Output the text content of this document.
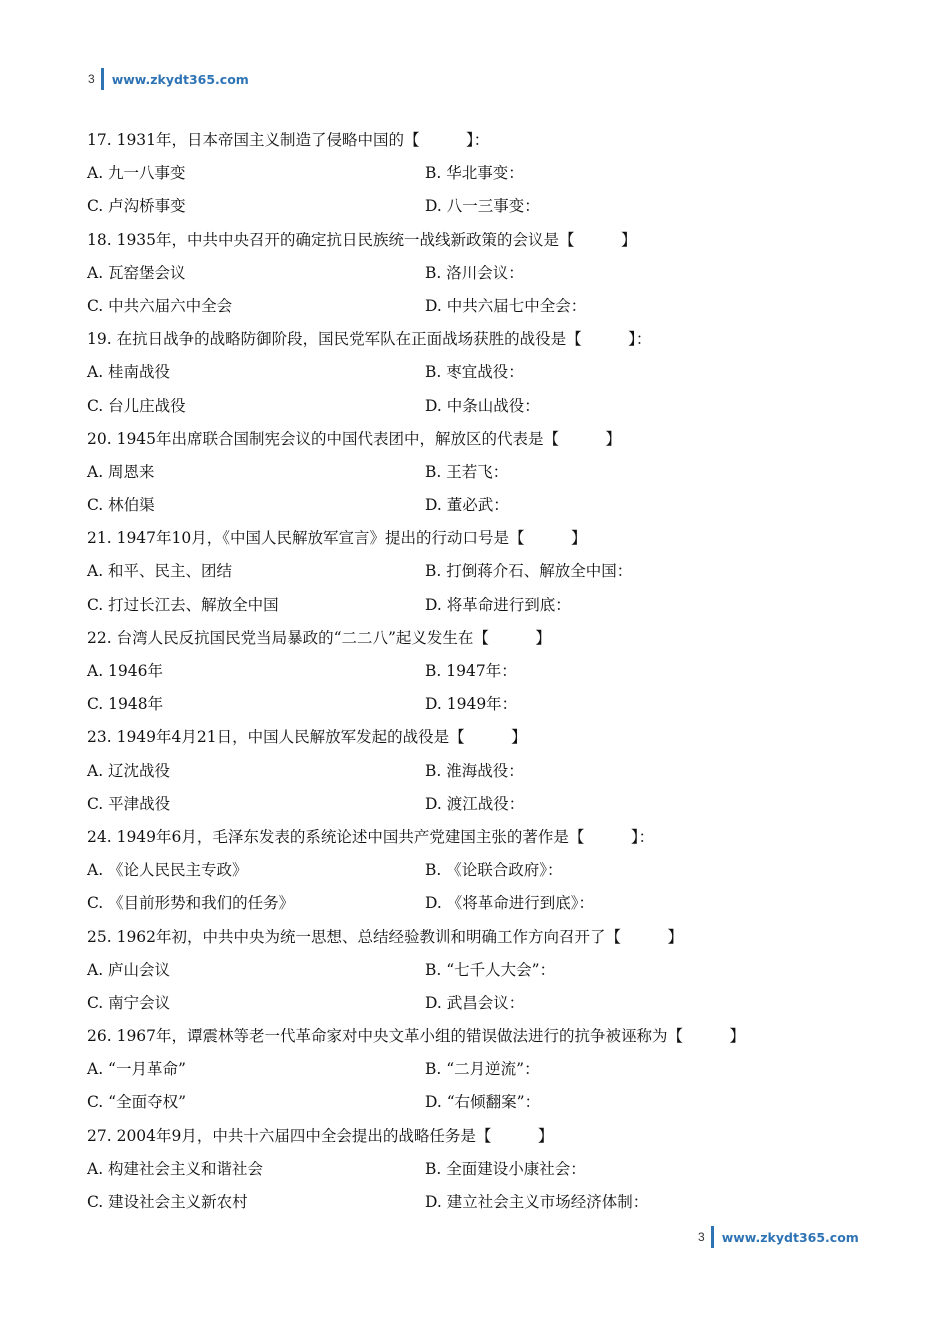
3 www.zkydt365.com
17. 1931年，日本帝国主义制造了侵略中国的【　　　】：
A. 九一八事变	B. 华北事变：
C. 卢沟桥事变	D. 八一三事变：
18. 1935年，中共中央召开的确定抗日民族统一战线新政策的会议是【　　　】
A. 瓦窑堡会议	B. 洛川会议：
C. 中共六届六中全会	D. 中共六届七中全会：
19. 在抗日战争的战略防御阶段，国民党军队在正面战场获胜的战役是【　　　】：
A. 桂南战役	B. 枣宜战役：
C. 台儿庄战役	D. 中条山战役：
20. 1945年出席联合国制宪会议的中国代表团中，解放区的代表是【　　　】
A. 周恩来	B. 王若飞：
C. 林伯渠	D. 董必武：
21. 1947年10月，《中国人民解放军宣言》提出的行动口号是【　　　】
A. 和平、民主、团结	B. 打倒蒋介石、解放全中国：
C. 打过长江去、解放全中国	D. 将革命进行到底：
22. 台湾人民反抗国民党当局暴政的“二二八”起义发生在【　　　】
A. 1946年	B. 1947年：
C. 1948年	D. 1949年：
23. 1949年4月21日，中国人民解放军发起的战役是【　　　】
A. 辽沈战役	B. 淮海战役：
C. 平津战役	D. 渡江战役：
24. 1949年6月，毛泽东发表的系统论述中国共产党建国主张的著作是【　　　】：
A. 《论人民民主专政》	B. 《论联合政府》：
C. 《目前形势和我们的任务》	D. 《将革命进行到底》：
25. 1962年初，中共中央为统一思想、总结经验教训和明确工作方向召开了【　　　】
A. 庐山会议	B. “七千人大会”：
C. 南宁会议	D. 武昌会议：
26. 1967年，谭震林等老一代革命家对中央文革小组的错误做法进行的抗争被诬称为【　　　】
A. “一月革命”	B. “二月逆流”：
C. “全面夺权”	D. “右倾翻案”：
27. 2004年9月，中共十六届四中全会提出的战略任务是【　　　】
A. 构建社会主义和谐社会	B. 全面建设小康社会：
C. 建设社会主义新农村	D. 建立社会主义市场经济体制：
3 www.zkydt365.com
